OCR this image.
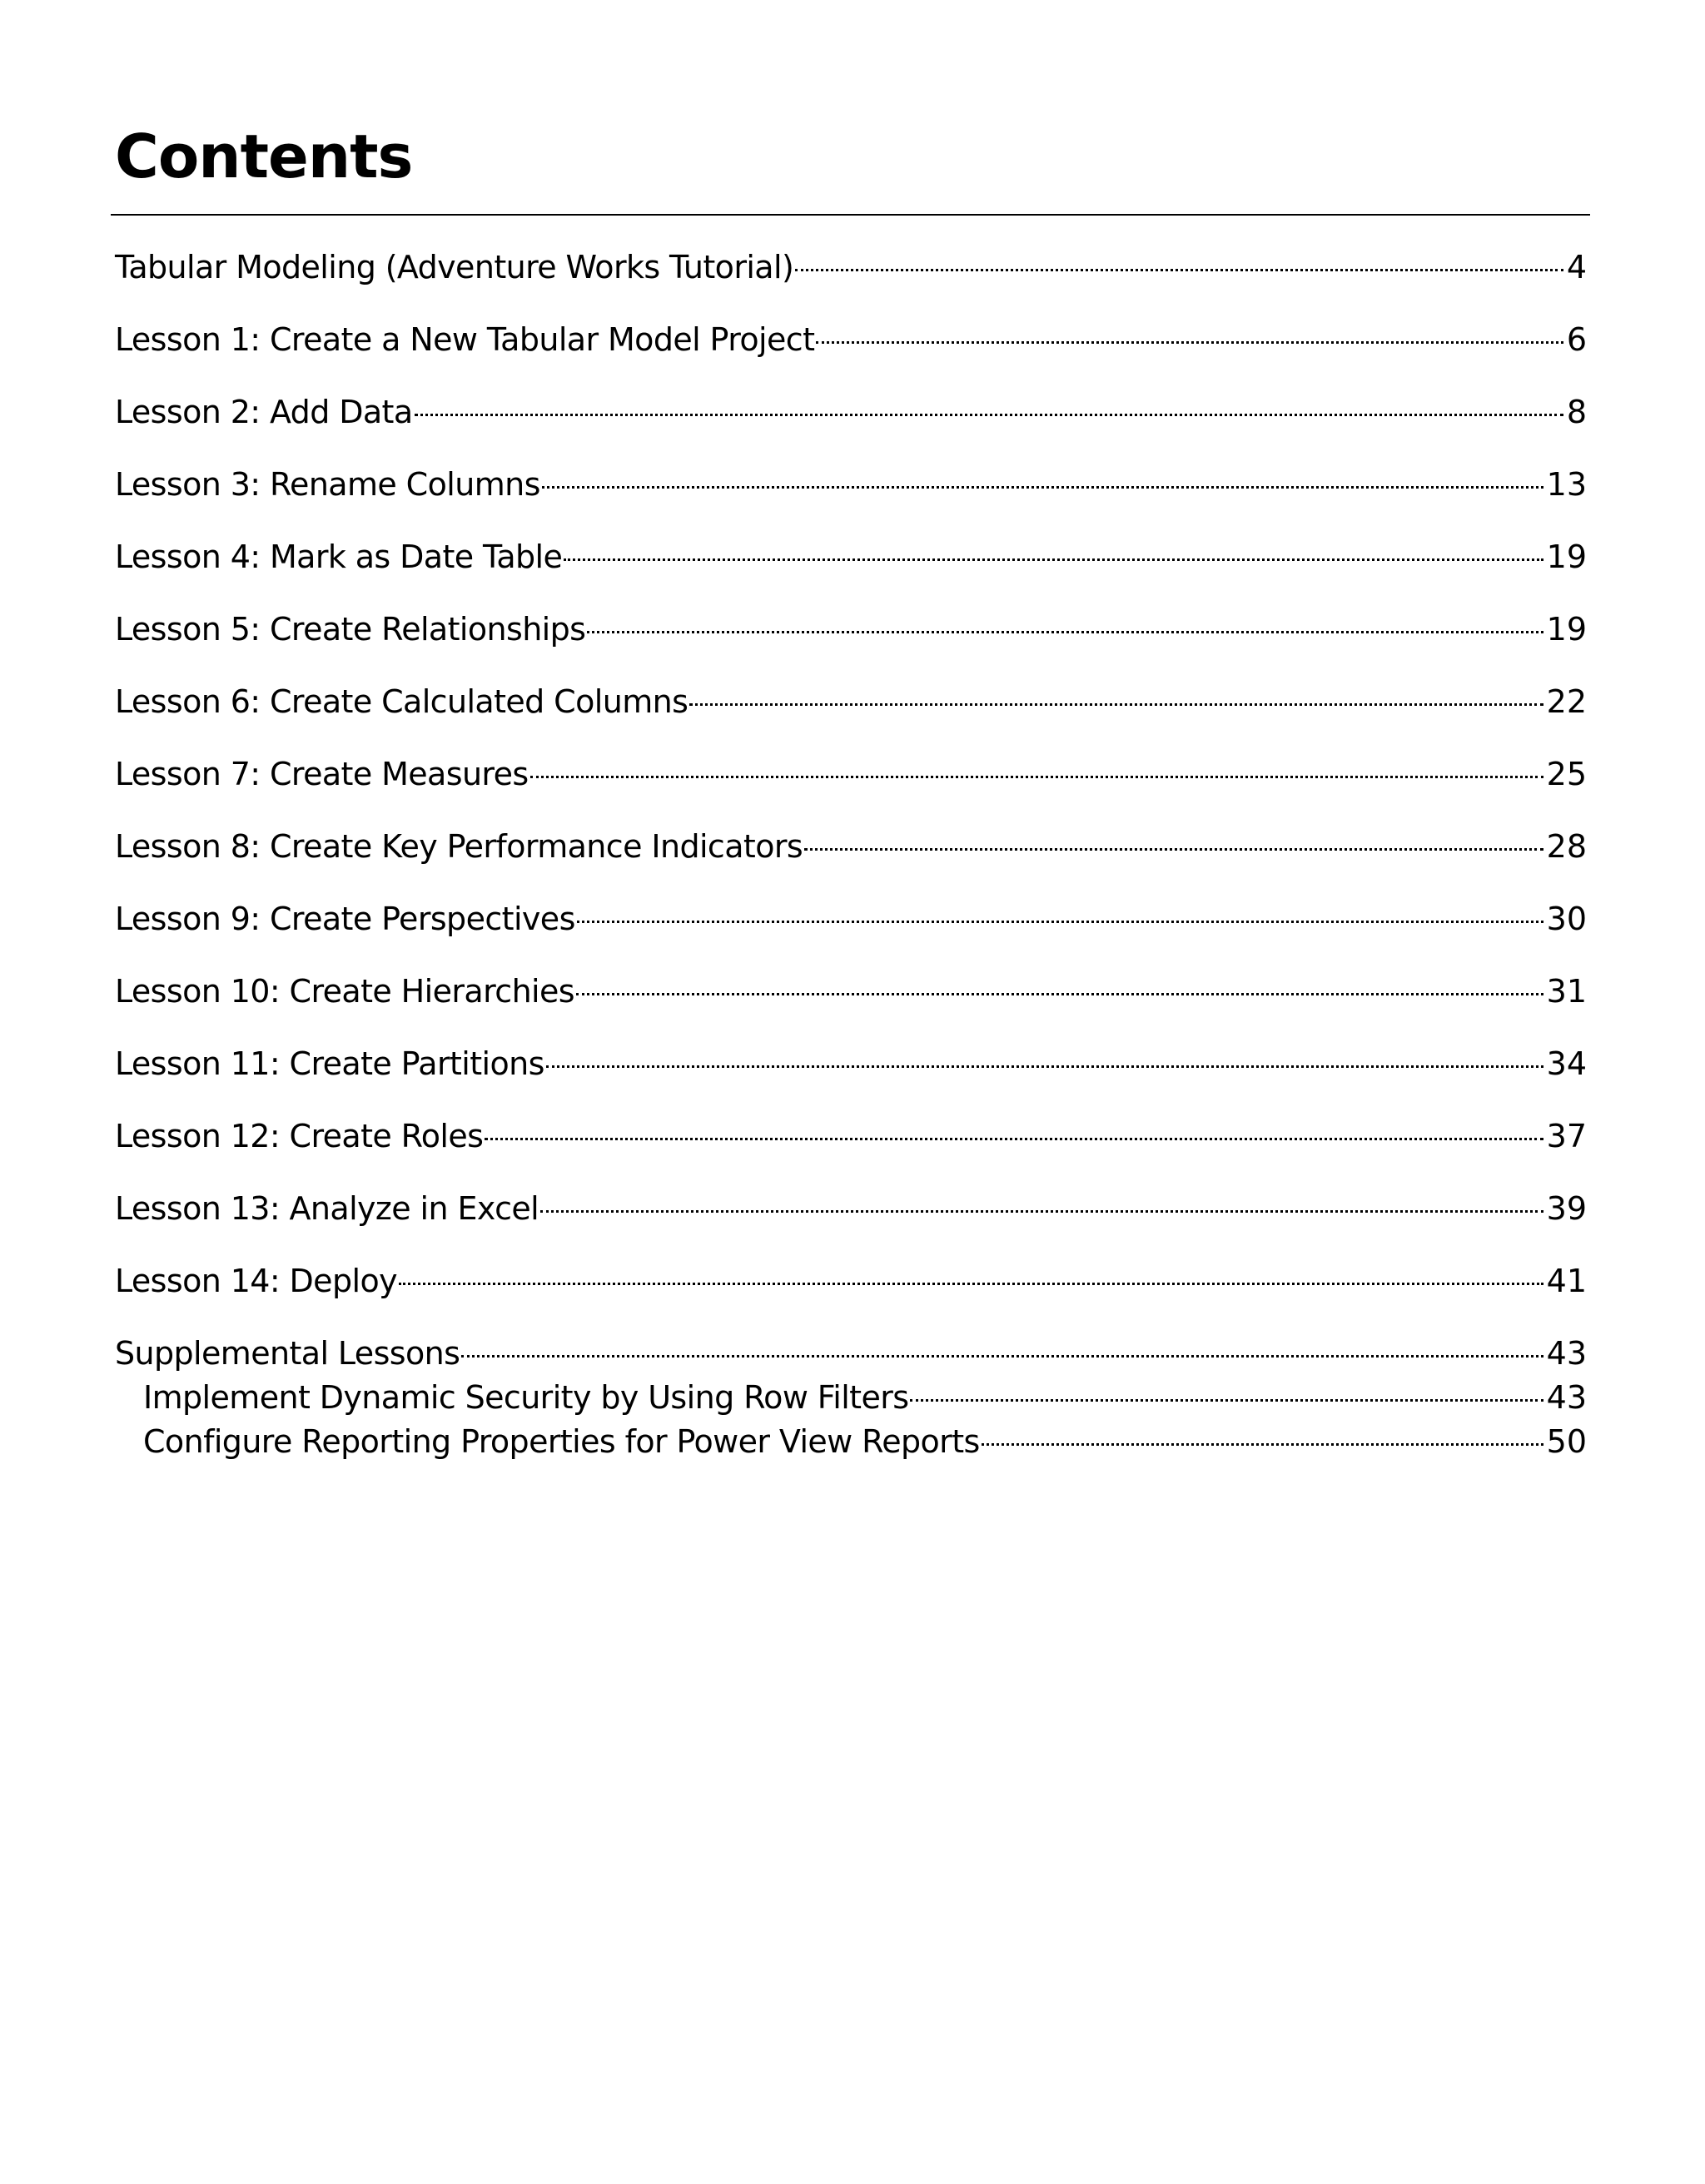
Contents
Tabular Modeling (Adventure Works Tutorial)	4
Lesson 1: Create a New Tabular Model Project	6
Lesson 2: Add Data	8
Lesson 3: Rename Columns	13
Lesson 4: Mark as Date Table	19
Lesson 5: Create Relationships	19
Lesson 6: Create Calculated Columns	22
Lesson 7: Create Measures	25
Lesson 8: Create Key Performance Indicators	28
Lesson 9: Create Perspectives	30
Lesson 10: Create Hierarchies	31
Lesson 11: Create Partitions	34
Lesson 12: Create Roles	37
Lesson 13: Analyze in Excel	39
Lesson 14: Deploy	41
Supplemental Lessons	43
Implement Dynamic Security by Using Row Filters	43
Configure Reporting Properties for Power View Reports	50
